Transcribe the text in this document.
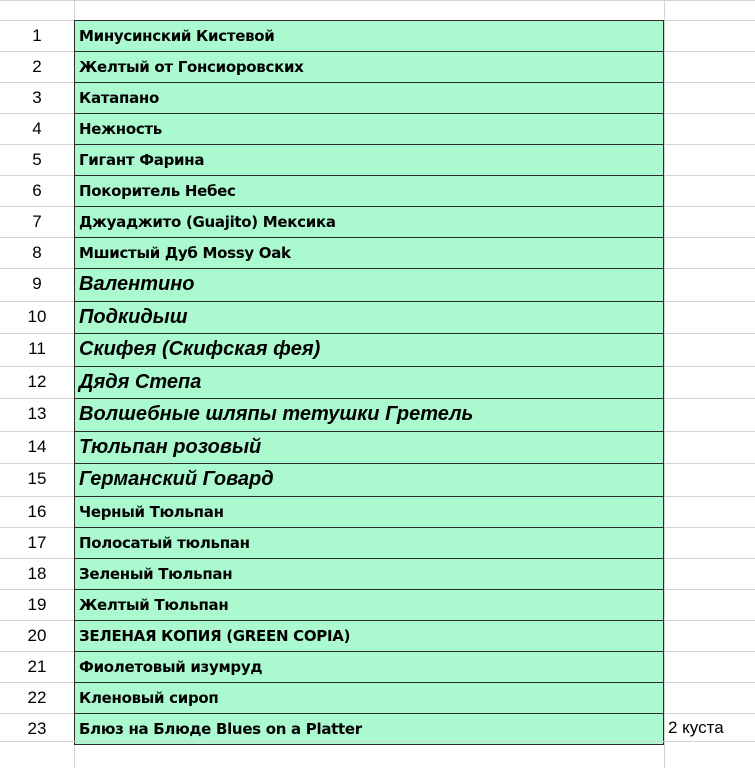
1	Минусинский Кистевой
2	Желтый от Гонсиоровских
3	Катапано
4	Нежность
5	Гигант Фарина
6	Покоритель Небес
7	Джуаджито (Guajito) Мексика
8	Мшистый Дуб Mossy Oak
9	Валентино
10	Подкидыш
11	Скифея (Скифская фея)
12	Дядя Степа
13	Волшебные шляпы тетушки Гретель
14	Тюльпан розовый
15	Германский Говард
16	Черный Тюльпан
17	Полосатый тюльпан
18	Зеленый Тюльпан
19	Желтый Тюльпан
20	ЗЕЛЕНАЯ КОПИЯ (GREEN COPIA)
21	Фиолетовый изумруд
22	Кленовый сироп
23	Блюз на Блюде Blues on a Platter	2 куста
